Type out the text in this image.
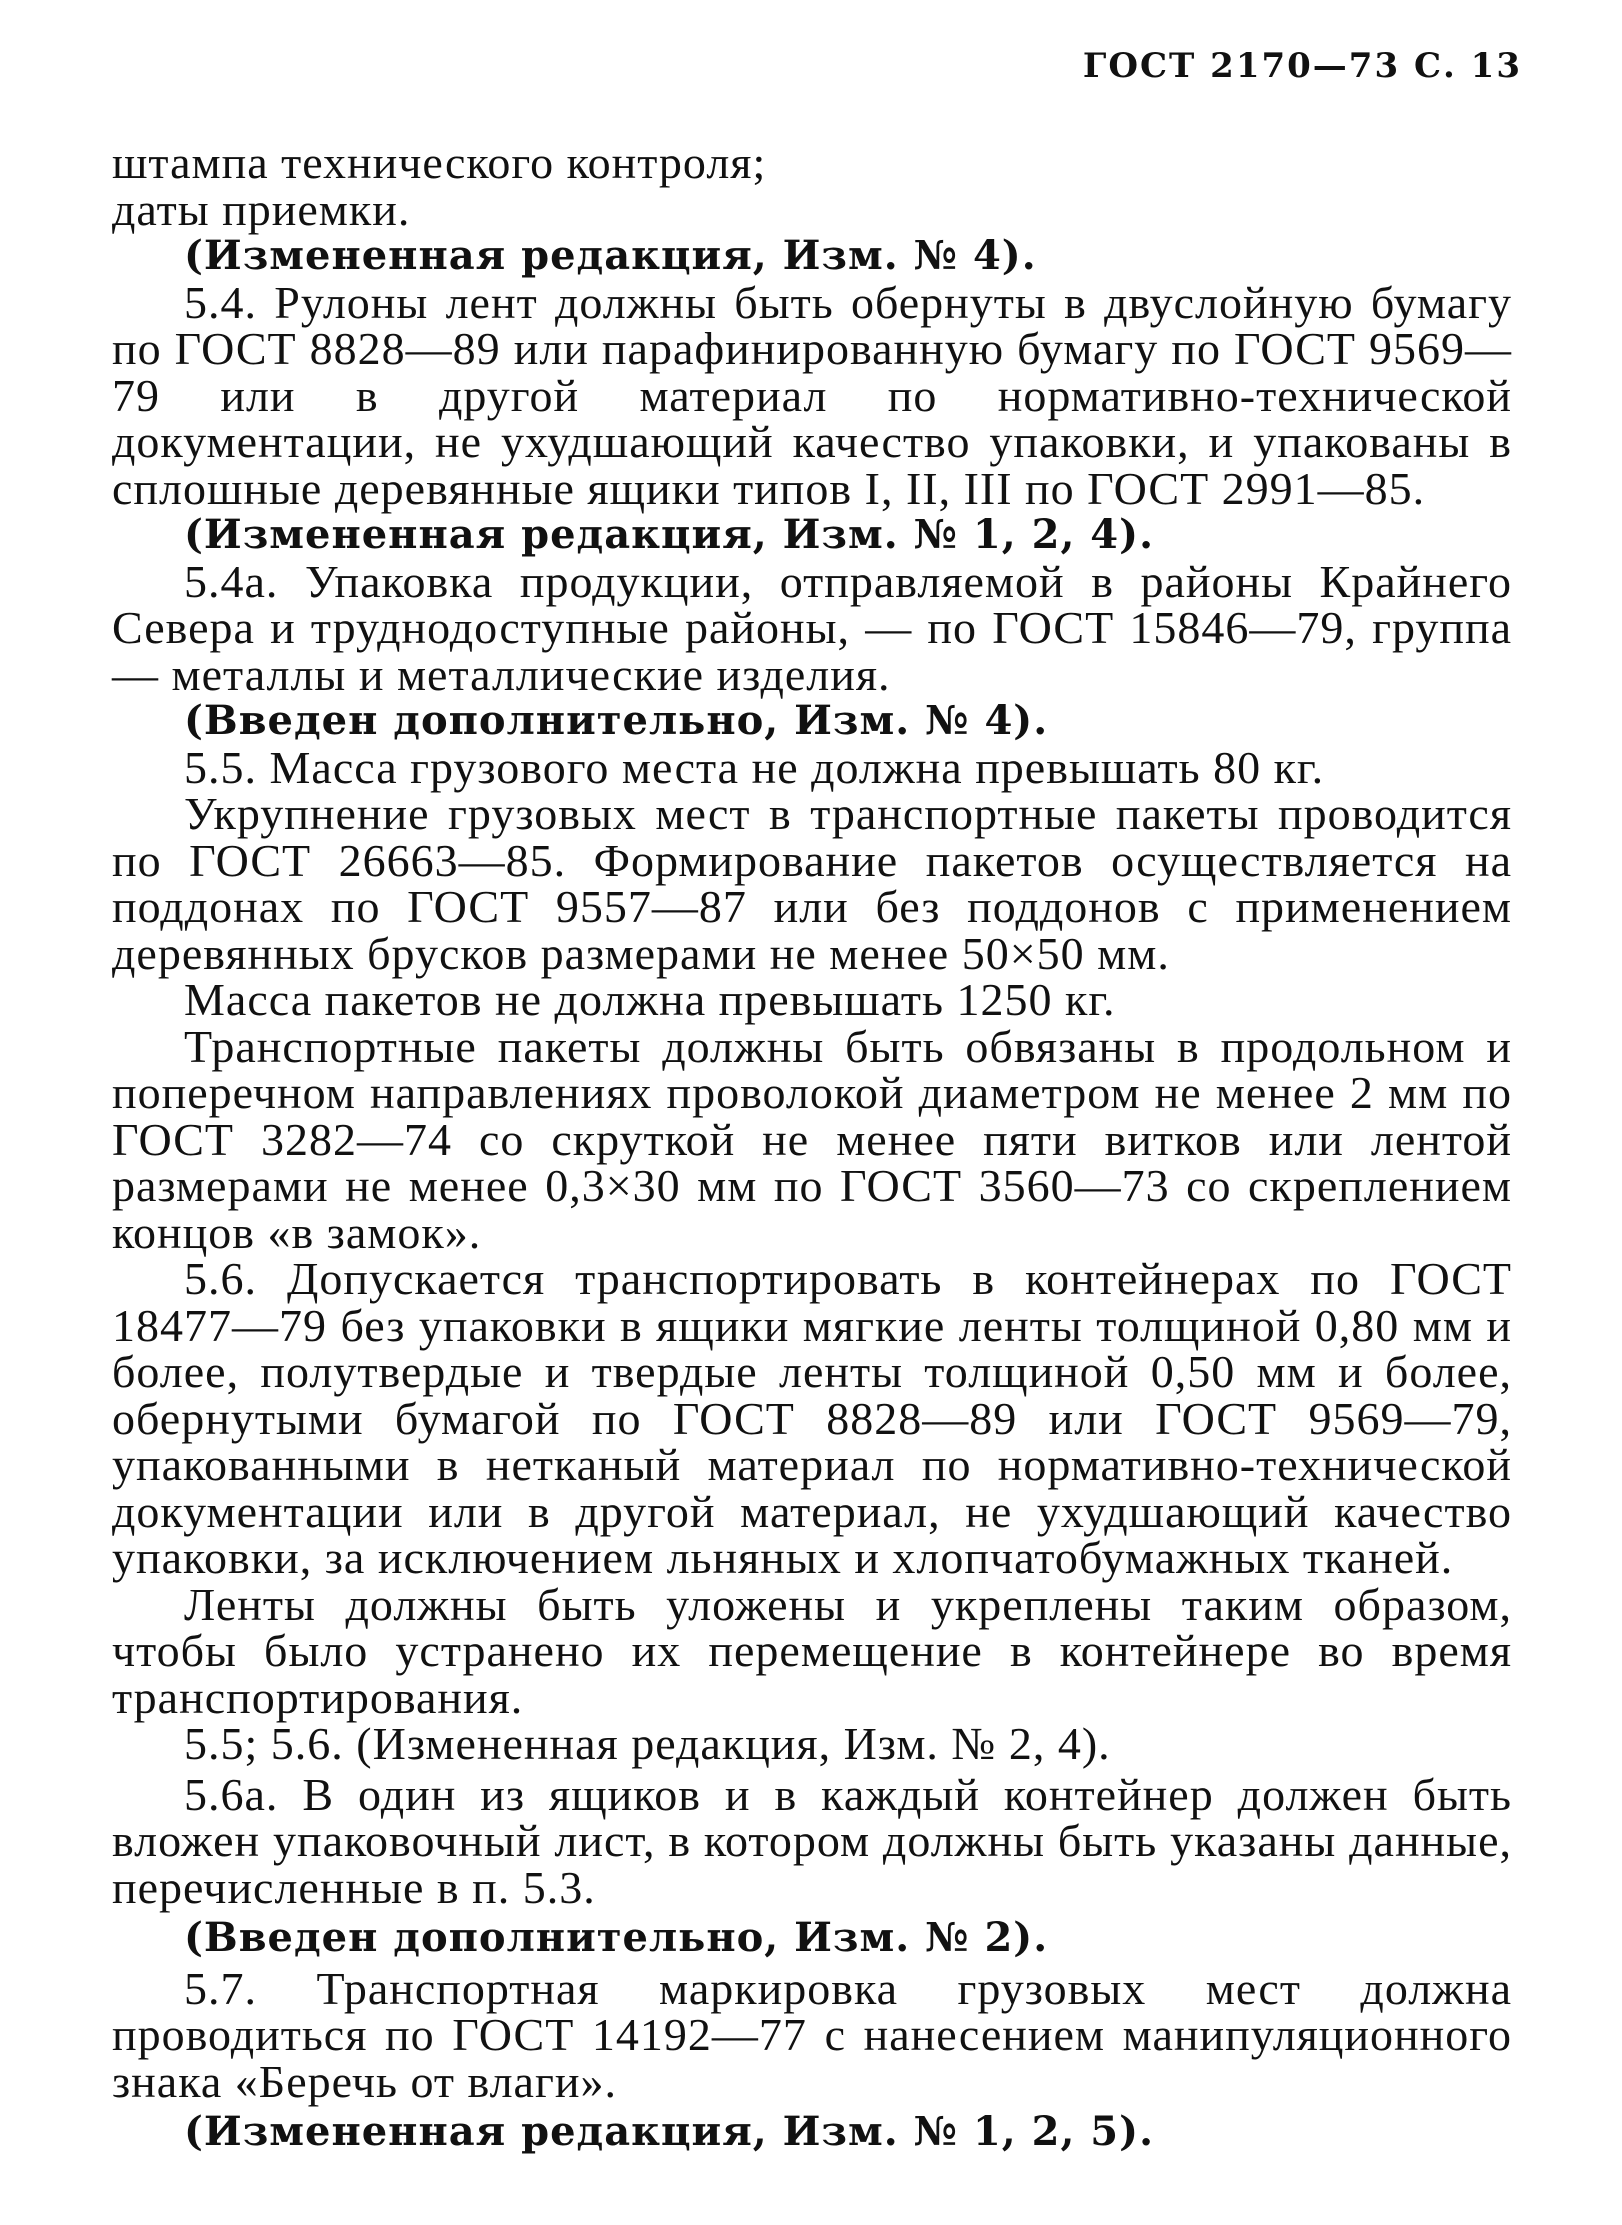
ГОСТ 2170—73 С. 13

штампа технического контроля;

даты приемки.

(Измененная редакция, Изм. № 4).

5.4. Рулоны лент должны быть обернуты в двуслойную бумагу по ГОСТ 8828—89 или парафинированную бумагу по ГОСТ 9569—79 или в другой материал по нормативно-технической документации, не ухудшающий качество упаковки, и упакованы в сплошные деревянные ящики типов I, II, III по ГОСТ 2991—85.

(Измененная редакция, Изм. № 1, 2, 4).

5.4а. Упаковка продукции, отправляемой в районы Крайнего Севера и труднодоступные районы, — по ГОСТ 15846—79, группа — металлы и металлические изделия.

(Введен дополнительно, Изм. № 4).

5.5. Масса грузового места не должна превышать 80 кг.

Укрупнение грузовых мест в транспортные пакеты проводится по ГОСТ 26663—85. Формирование пакетов осуществляется на поддонах по ГОСТ 9557—87 или без поддонов с применением деревянных брусков размерами не менее 50×50 мм.

Масса пакетов не должна превышать 1250 кг.

Транспортные пакеты должны быть обвязаны в продольном и поперечном направлениях проволокой диаметром не менее 2 мм по ГОСТ 3282—74 со скруткой не менее пяти витков или лентой размерами не менее 0,3×30 мм по ГОСТ 3560—73 со скреплением концов «в замок».

5.6. Допускается транспортировать в контейнерах по ГОСТ 18477—79 без упаковки в ящики мягкие ленты толщиной 0,80 мм и более, полутвердые и твердые ленты толщиной 0,50 мм и более, обернутыми бумагой по ГОСТ 8828—89 или ГОСТ 9569—79, упакованными в нетканый материал по нормативно-технической документации или в другой материал, не ухудшающий качество упаковки, за исключением льняных и хлопчатобумажных тканей.

Ленты должны быть уложены и укреплены таким образом, чтобы было устранено их перемещение в контейнере во время транспортирования.

5.5; 5.6. (Измененная редакция, Изм. № 2, 4).

5.6а. В один из ящиков и в каждый контейнер должен быть вложен упаковочный лист, в котором должны быть указаны данные, перечисленные в п. 5.3.

(Введен дополнительно, Изм. № 2).

5.7. Транспортная маркировка грузовых мест должна проводиться по ГОСТ 14192—77 с нанесением манипуляционного знака «Беречь от влаги».

(Измененная редакция, Изм. № 1, 2, 5).
